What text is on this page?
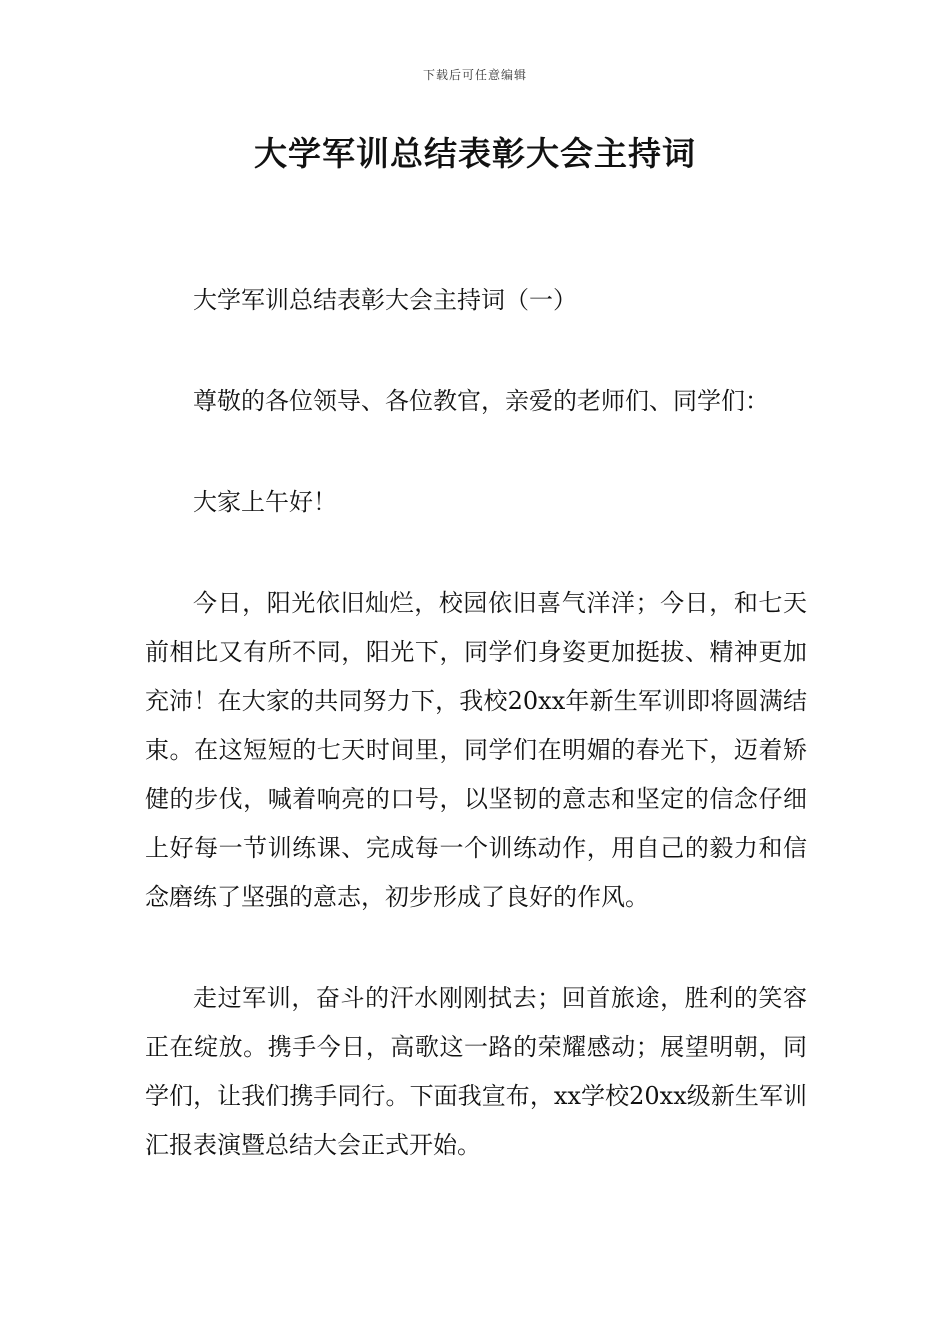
下载后可任意编辑
大学军训总结表彰大会主持词

大学军训总结表彰大会主持词（一）

尊敬的各位领导、各位教官，亲爱的老师们、同学们：

大家上午好！

今日，阳光依旧灿烂，校园依旧喜气洋洋；今日，和七天前相比又有所不同，阳光下，同学们身姿更加挺拔、精神更加充沛！在大家的共同努力下，我校20xx年新生军训即将圆满结束。在这短短的七天时间里，同学们在明媚的春光下，迈着矫健的步伐，喊着响亮的口号，以坚韧的意志和坚定的信念仔细上好每一节训练课、完成每一个训练动作，用自己的毅力和信念磨练了坚强的意志，初步形成了良好的作风。

走过军训，奋斗的汗水刚刚拭去；回首旅途，胜利的笑容正在绽放。携手今日，高歌这一路的荣耀感动；展望明朝，同学们，让我们携手同行。下面我宣布，xx学校20xx级新生军训汇报表演暨总结大会正式开始。
